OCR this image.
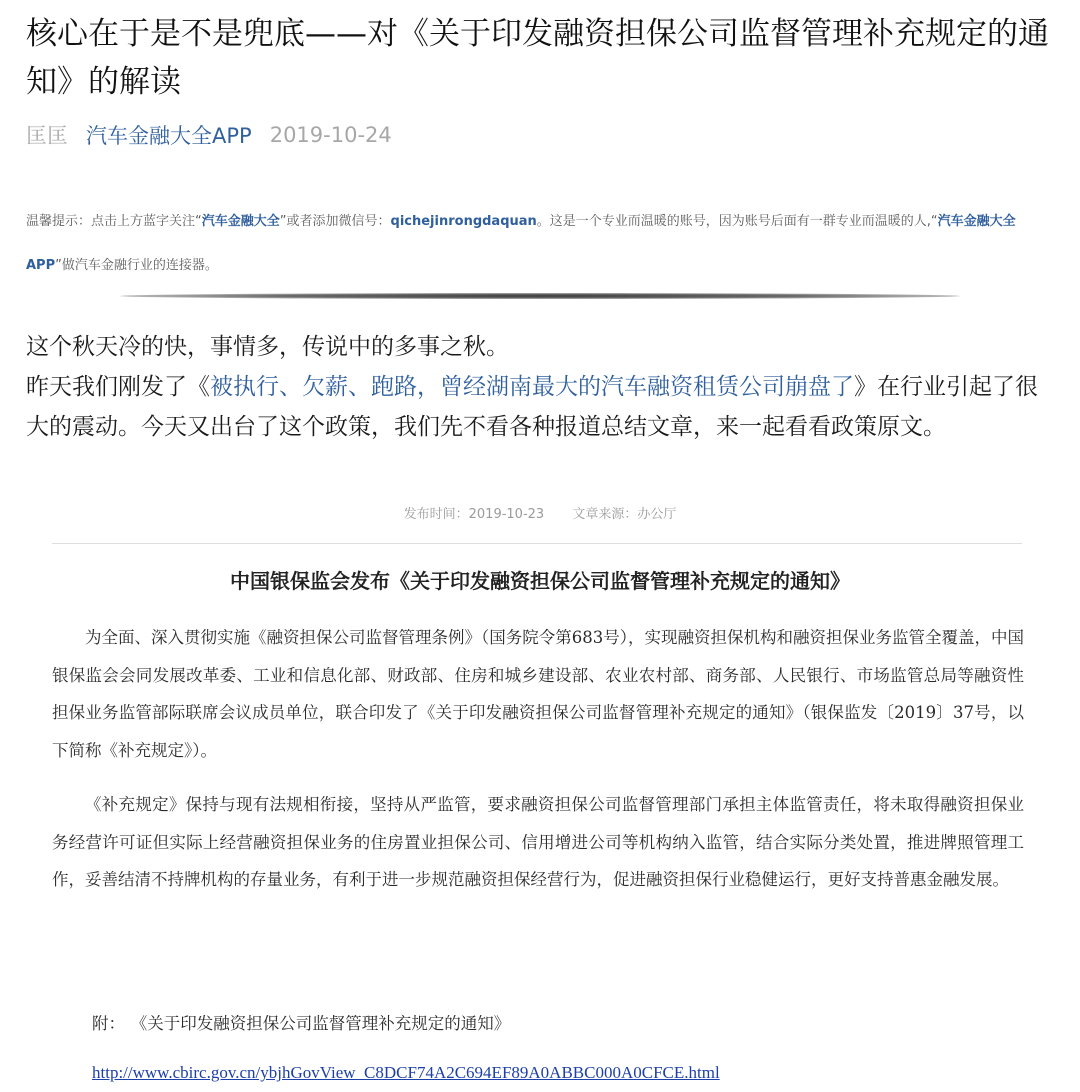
核心在于是不是兜底——对《关于印发融资担保公司监督管理补充规定的通知》的解读
匡匡 汽车金融大全APP 2019-10-24
温馨提示：点击上方蓝字关注“汽车金融大全”或者添加微信号：qichejinrongdaquan。这是一个专业而温暖的账号，因为账号后面有一群专业而温暖的人,“汽车金融大全APP”做汽车金融行业的连接器。

这个秋天冷的快，事情多，传说中的多事之秋。

昨天我们刚发了《被执行、欠薪、跑路，曾经湖南最大的汽车融资租赁公司崩盘了》在行业引起了很大的震动。今天又出台了这个政策，我们先不看各种报道总结文章，来一起看看政策原文。

发布时间：2019-10-23 文章来源：办公厅
中国银保监会发布《关于印发融资担保公司监督管理补充规定的通知》

为全面、深入贯彻实施《融资担保公司监督管理条例》（国务院令第683号），实现融资担保机构和融资担保业务监管全覆盖，中国银保监会会同发展改革委、工业和信息化部、财政部、住房和城乡建设部、农业农村部、商务部、人民银行、市场监管总局等融资性担保业务监管部际联席会议成员单位，联合印发了《关于印发融资担保公司监督管理补充规定的通知》（银保监发〔2019〕37号，以下简称《补充规定》）。

《补充规定》保持与现有法规相衔接，坚持从严监管，要求融资担保公司监督管理部门承担主体监管责任，将未取得融资担保业务经营许可证但实际上经营融资担保业务的住房置业担保公司、信用增进公司等机构纳入监管，结合实际分类处置，推进牌照管理工作，妥善结清不持牌机构的存量业务，有利于进一步规范融资担保经营行为，促进融资担保行业稳健运行，更好支持普惠金融发展。

附： 《关于印发融资担保公司监督管理补充规定的通知》
http://www.cbirc.gov.cn/ybjhGovView_C8DCF74A2C694EF89A0ABBC000A0CFCE.html
